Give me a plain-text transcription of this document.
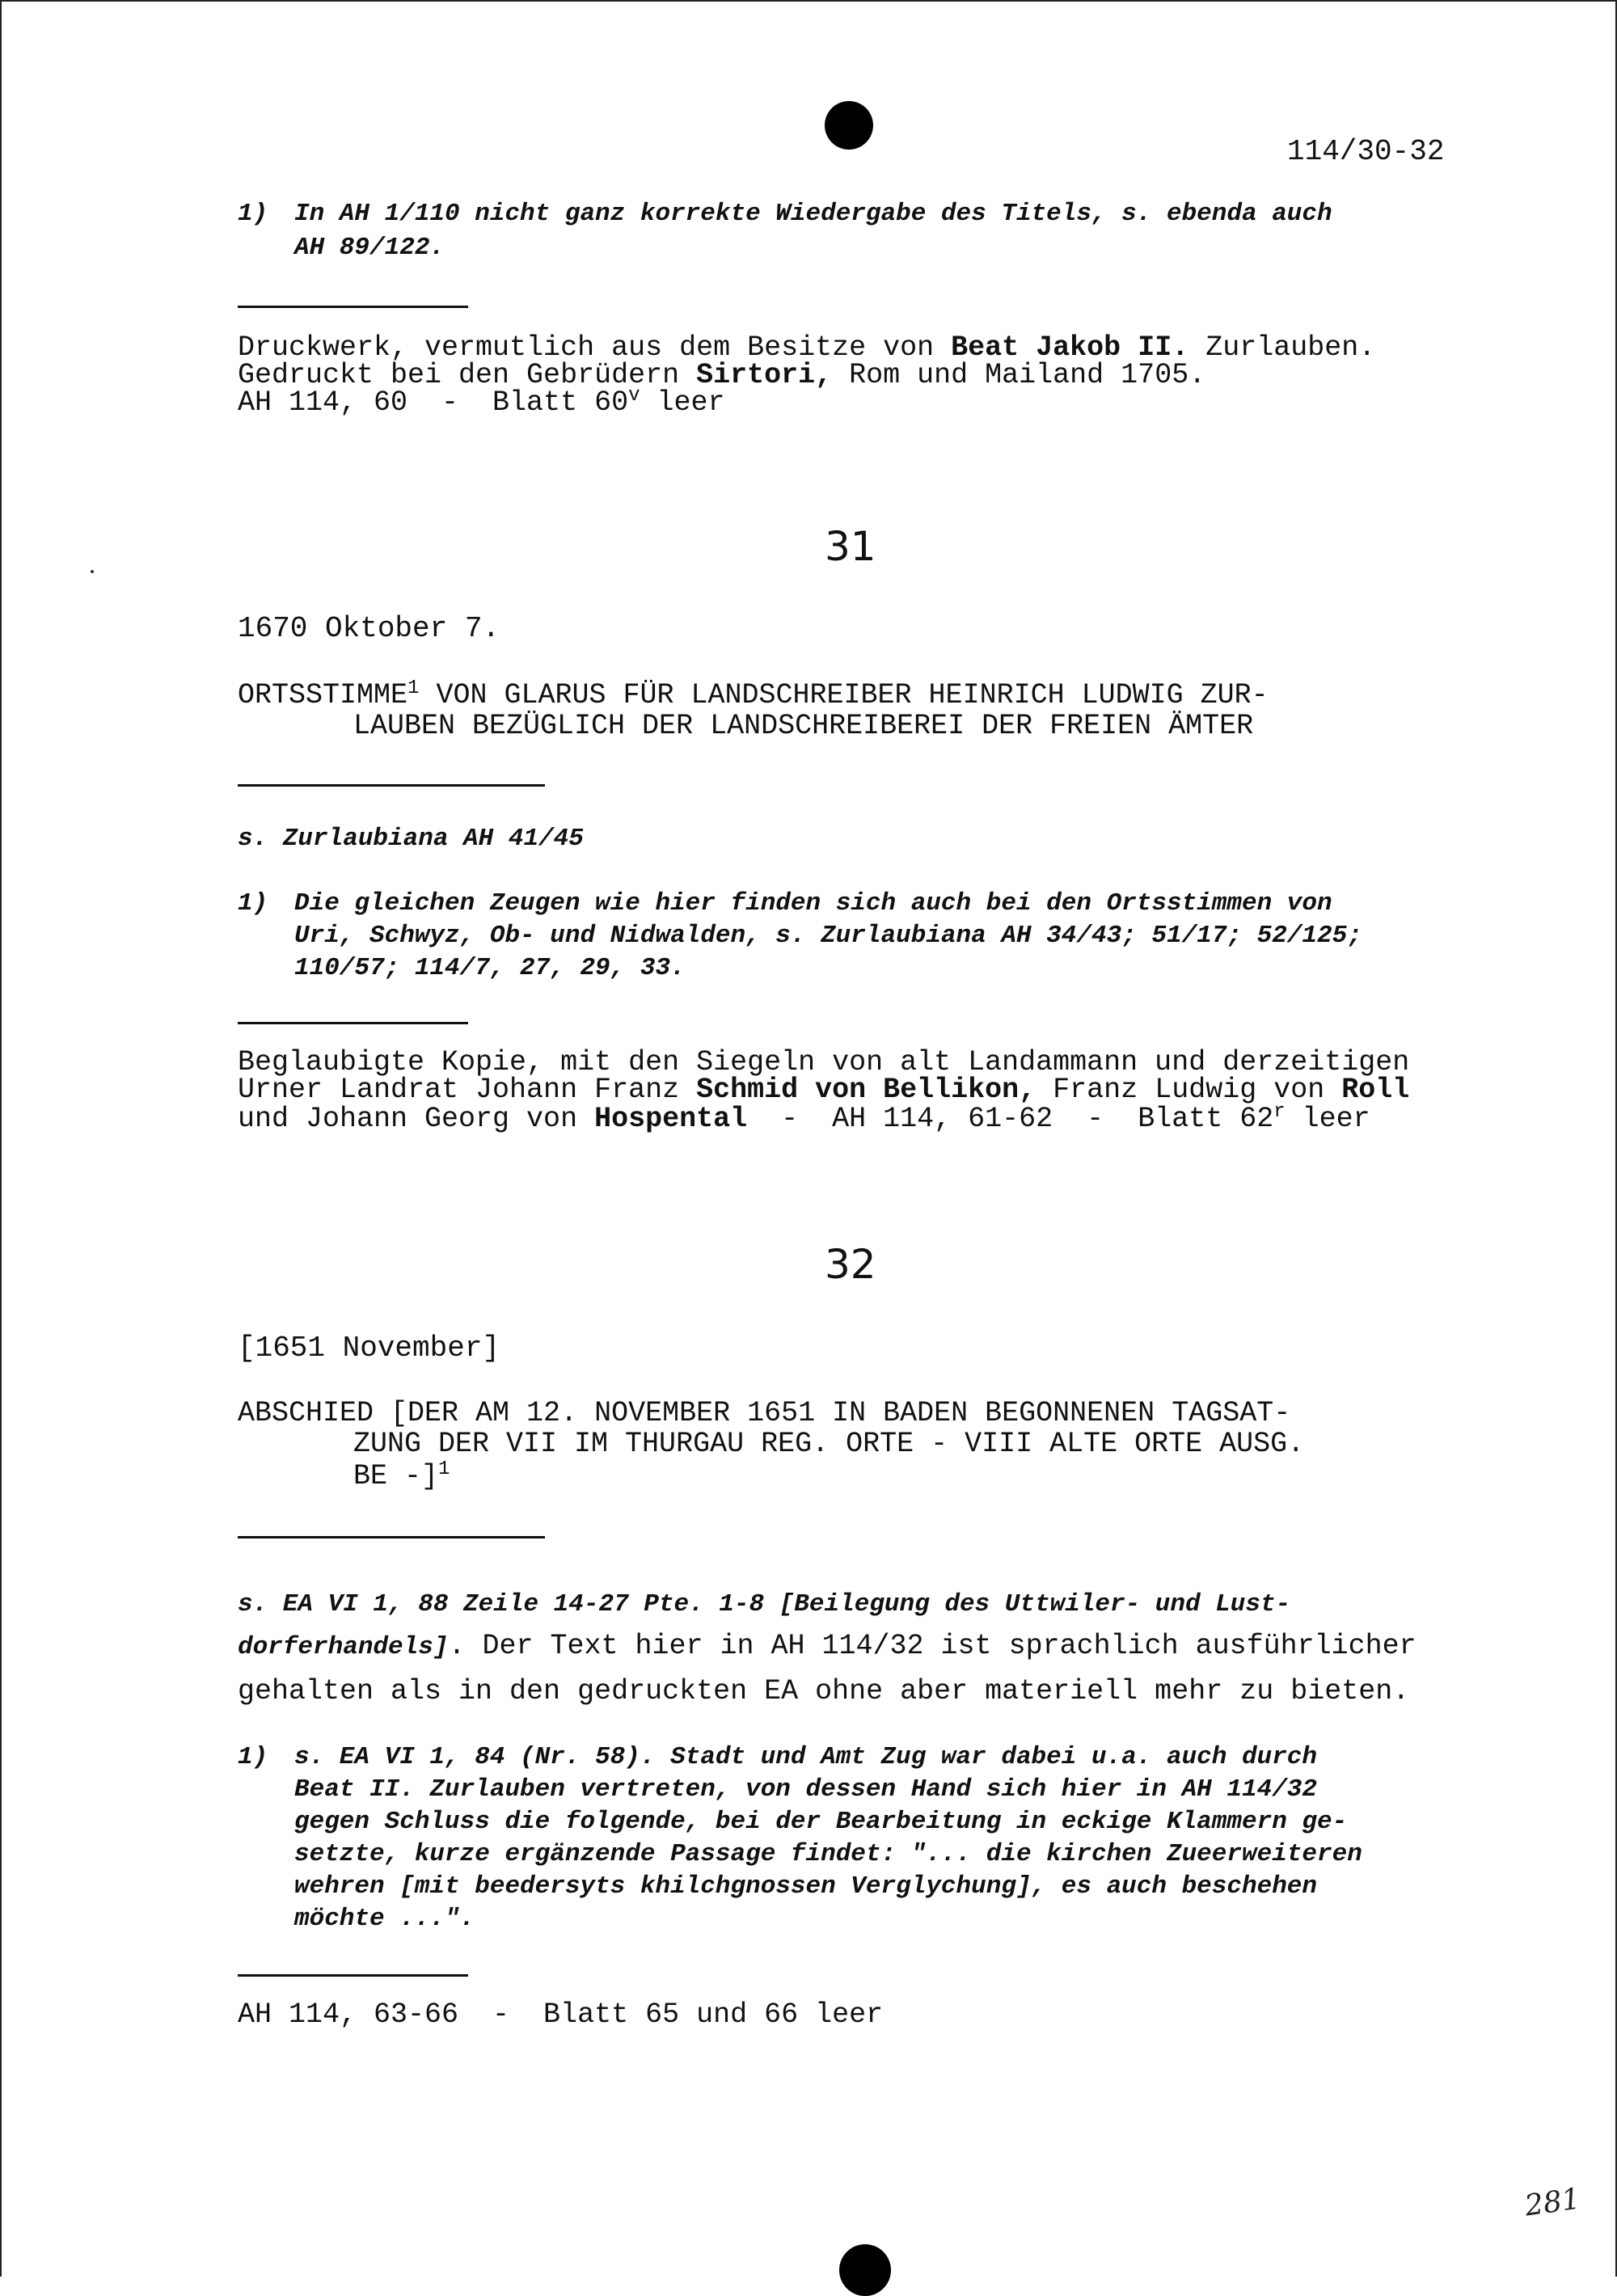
114/30-32
1) In AH 1/110 nicht ganz korrekte Wiedergabe des Titels, s. ebenda auch
AH 89/122.
Druckwerk, vermutlich aus dem Besitze von Beat Jakob II. Zurlauben.
Gedruckt bei den Gebrüdern Sirtori, Rom und Mailand 1705.
AH 114, 60  -  Blatt 60$^v$ leer
31
1670 Oktober 7.
ORTSSTIMME$^1$ VON GLARUS FÜR LANDSCHREIBER HEINRICH LUDWIG ZUR-
LAUBEN BEZÜGLICH DER LANDSCHREIBEREI DER FREIEN ÄMTER
s. Zurlaubiana AH 41/45
1) Die gleichen Zeugen wie hier finden sich auch bei den Ortsstimmen von
Uri, Schwyz, Ob- und Nidwalden, s. Zurlaubiana AH 34/43; 51/17; 52/125;
110/57; 114/7, 27, 29, 33.
Beglaubigte Kopie, mit den Siegeln von alt Landammann und derzeitigen
Urner Landrat Johann Franz Schmid von Bellikon, Franz Ludwig von Roll
und Johann Georg von Hospental  -  AH 114, 61-62  -  Blatt 62$^r$ leer
32
[1651 November]
ABSCHIED [DER AM 12. NOVEMBER 1651 IN BADEN BEGONNENEN TAGSAT-
ZUNG DER VII IM THURGAU REG. ORTE - VIII ALTE ORTE AUSG.
BE -]$^1$
s. EA VI 1, 88 Zeile 14-27 Pte. 1-8 [Beilegung des Uttwiler- und Lust-
dorferhandels]. Der Text hier in AH 114/32 ist sprachlich ausführlicher
gehalten als in den gedruckten EA ohne aber materiell mehr zu bieten.
1) s. EA VI 1, 84 (Nr. 58). Stadt und Amt Zug war dabei u.a. auch durch
Beat II. Zurlauben vertreten, von dessen Hand sich hier in AH 114/32
gegen Schluss die folgende, bei der Bearbeitung in eckige Klammern ge-
setzte, kurze ergänzende Passage findet: "... die kirchen Zueerweiteren
wehren [mit beedersyts khilchgnossen Verglychung], es auch beschehen
möchte ...".
AH 114, 63-66  -  Blatt 65 und 66 leer
281
